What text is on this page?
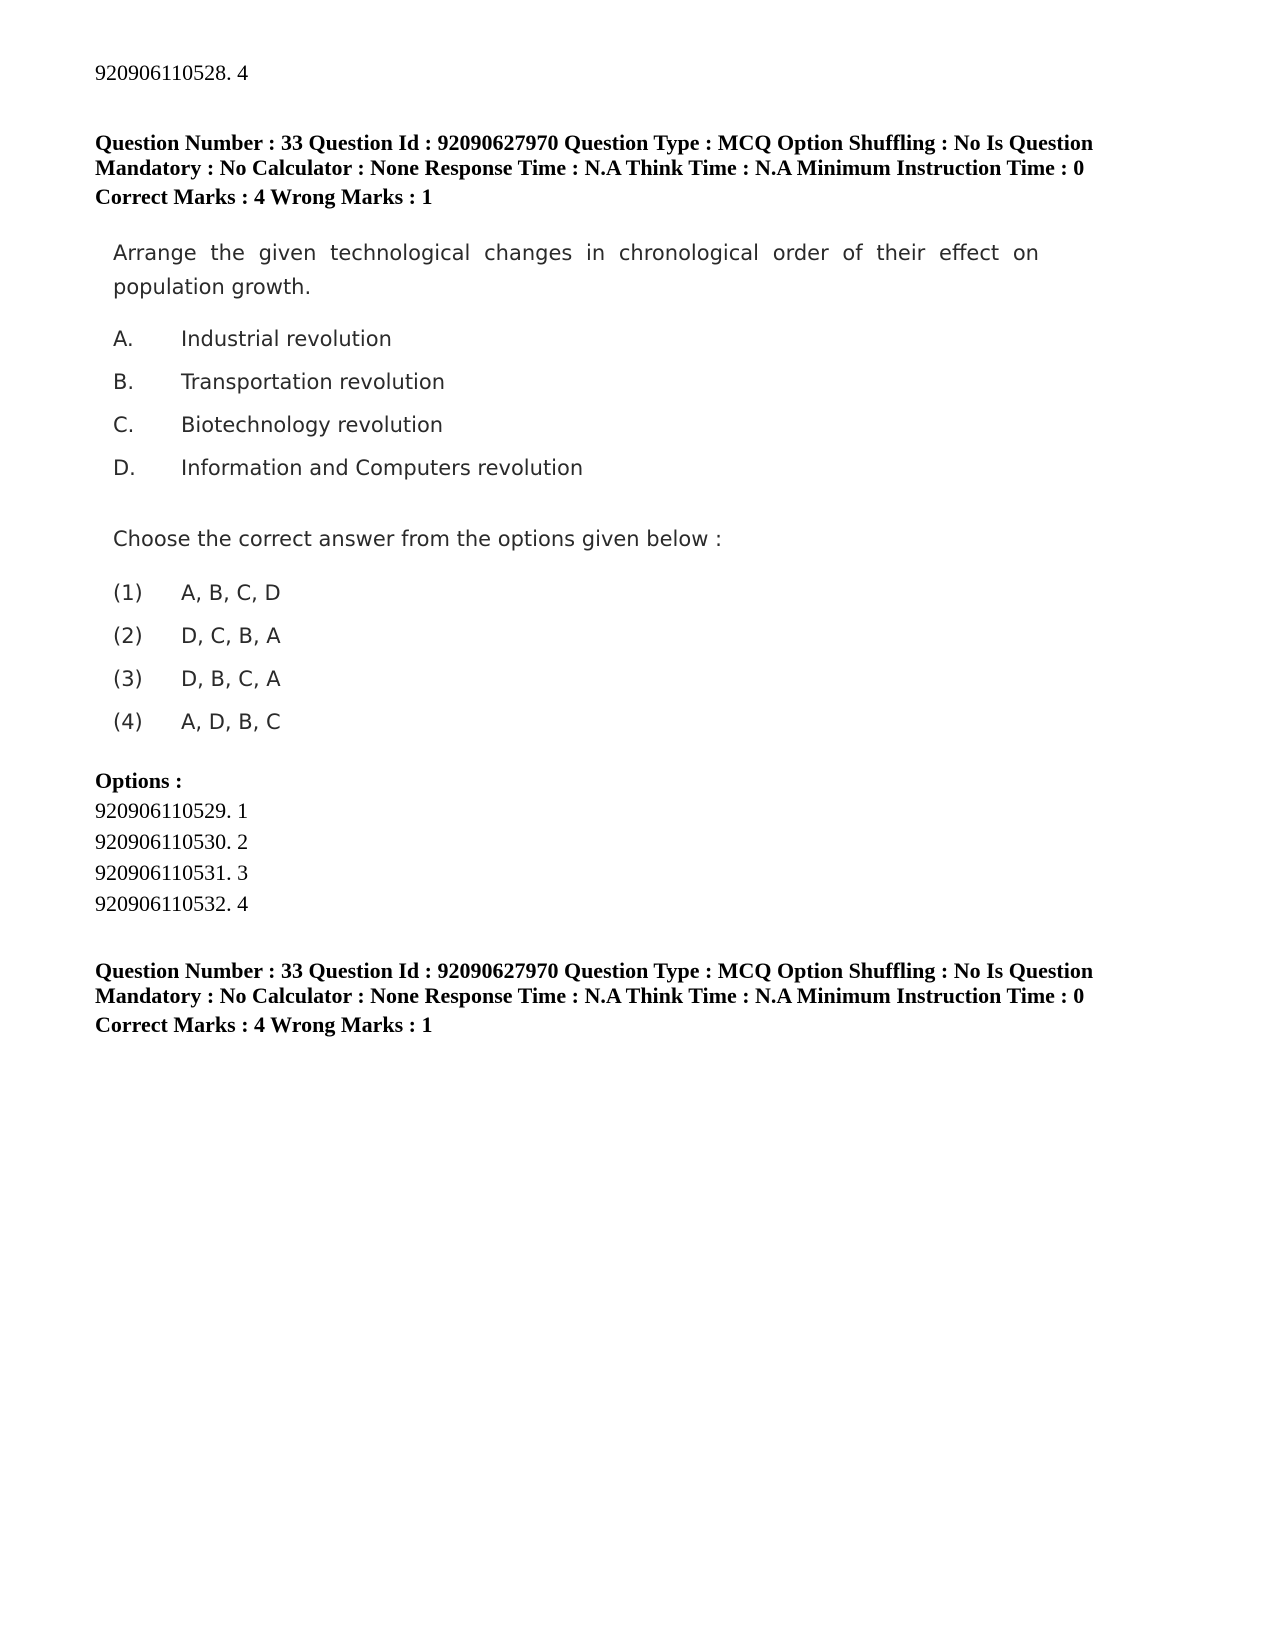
920906110528. 4
Question Number : 33 Question Id : 92090627970 Question Type : MCQ Option Shuffling : No Is Question
Mandatory : No Calculator : None Response Time : N.A Think Time : N.A Minimum Instruction Time : 0
Correct Marks : 4 Wrong Marks : 1
Arrange the given technological changes in chronological order of their effect on population growth.
A. Industrial revolution
B. Transportation revolution
C. Biotechnology revolution
D. Information and Computers revolution
Choose the correct answer from the options given below :
(1) A, B, C, D
(2) D, C, B, A
(3) D, B, C, A
(4) A, D, B, C
Options :
920906110529. 1
920906110530. 2
920906110531. 3
920906110532. 4
Question Number : 33 Question Id : 92090627970 Question Type : MCQ Option Shuffling : No Is Question
Mandatory : No Calculator : None Response Time : N.A Think Time : N.A Minimum Instruction Time : 0
Correct Marks : 4 Wrong Marks : 1
